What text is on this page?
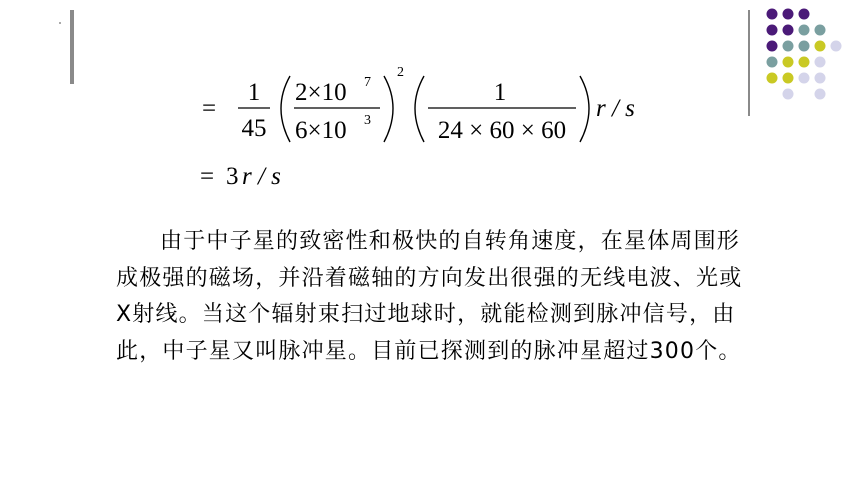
=
1
45
2×10 7
6×10 3
2
1
24 × 60 × 60
r / s
= 3 r / s

由于中子星的致密性和极快的自转角速度，在星体周围形成极强的磁场，并沿着磁轴的方向发出很强的无线电波、光或X射线。当这个辐射束扫过地球时，就能检测到脉冲信号，由此，中子星又叫脉冲星。目前已探测到的脉冲星超过300个。
